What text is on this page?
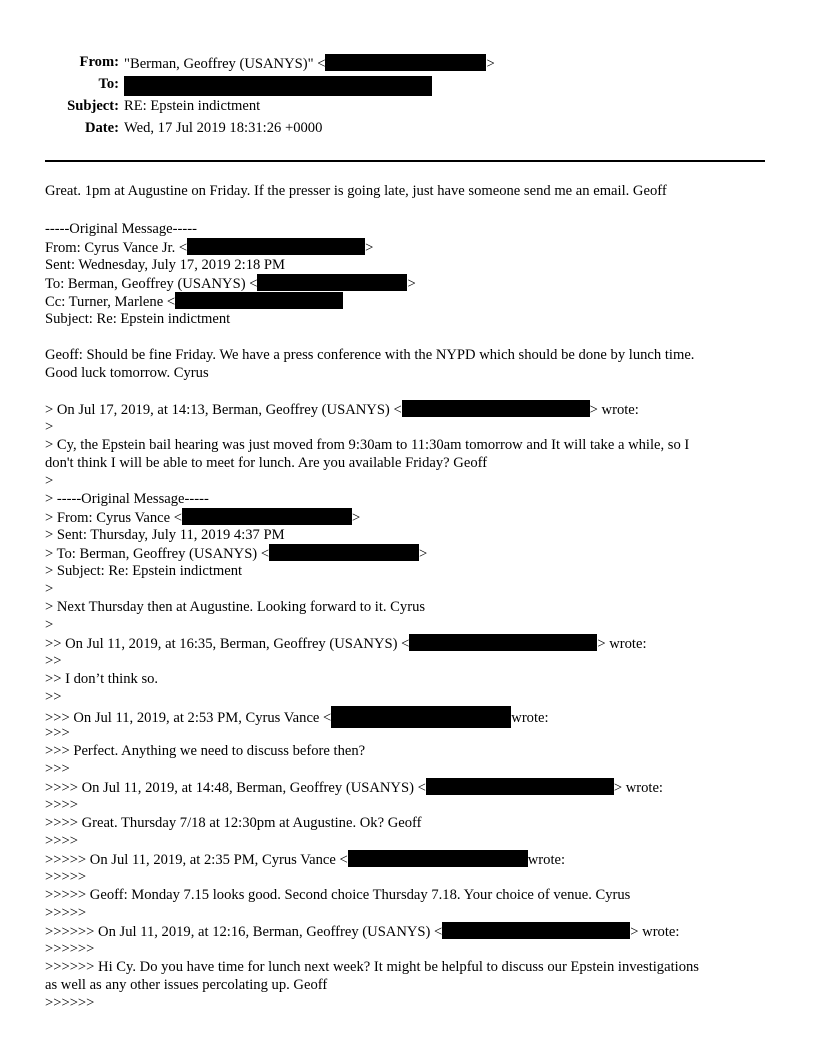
From: "Berman, Geoffrey (USANYS)" <	>
To:
Subject: RE: Epstein indictment
Date: Wed, 17 Jul 2019 18:31:26 +0000
Great. 1pm at Augustine on Friday. If the presser is going late, just have someone send me an email. Geoff
-----Original Message-----
From: Cyrus Vance Jr. <	>
Sent: Wednesday, July 17, 2019 2:18 PM
To: Berman, Geoffrey (USANYS) <	>
Cc: Turner, Marlene <
Subject: Re: Epstein indictment
Geoff: Should be fine Friday. We have a press conference with the NYPD which should be done by lunch time.
Good luck tomorrow. Cyrus
> On Jul 17, 2019, at 14:13, Berman, Geoffrey (USANYS) <	> wrote:
>
> Cy, the Epstein bail hearing was just moved from 9:30am to 11:30am tomorrow and It will take a while, so I
don't think I will be able to meet for lunch. Are you available Friday? Geoff
>
> -----Original Message-----
> From: Cyrus Vance <	>
> Sent: Thursday, July 11, 2019 4:37 PM
> To: Berman, Geoffrey (USANYS) <	>
> Subject: Re: Epstein indictment
>
> Next Thursday then at Augustine. Looking forward to it. Cyrus
>
>> On Jul 11, 2019, at 16:35, Berman, Geoffrey (USANYS) <	> wrote:
>>
>> I don’t think so.
>>
>>> On Jul 11, 2019, at 2:53 PM, Cyrus Vance <	wrote:
>>>
>>> Perfect. Anything we need to discuss before then?
>>>
>>>> On Jul 11, 2019, at 14:48, Berman, Geoffrey (USANYS) <	> wrote:
>>>>
>>>> Great. Thursday 7/18 at 12:30pm at Augustine. Ok? Geoff
>>>>
>>>>> On Jul 11, 2019, at 2:35 PM, Cyrus Vance <	wrote:
>>>>>
>>>>> Geoff: Monday 7.15 looks good. Second choice Thursday 7.18. Your choice of venue. Cyrus
>>>>>
>>>>>> On Jul 11, 2019, at 12:16, Berman, Geoffrey (USANYS) <	> wrote:
>>>>>>
>>>>>> Hi Cy. Do you have time for lunch next week? It might be helpful to discuss our Epstein investigations
as well as any other issues percolating up. Geoff
>>>>>>
